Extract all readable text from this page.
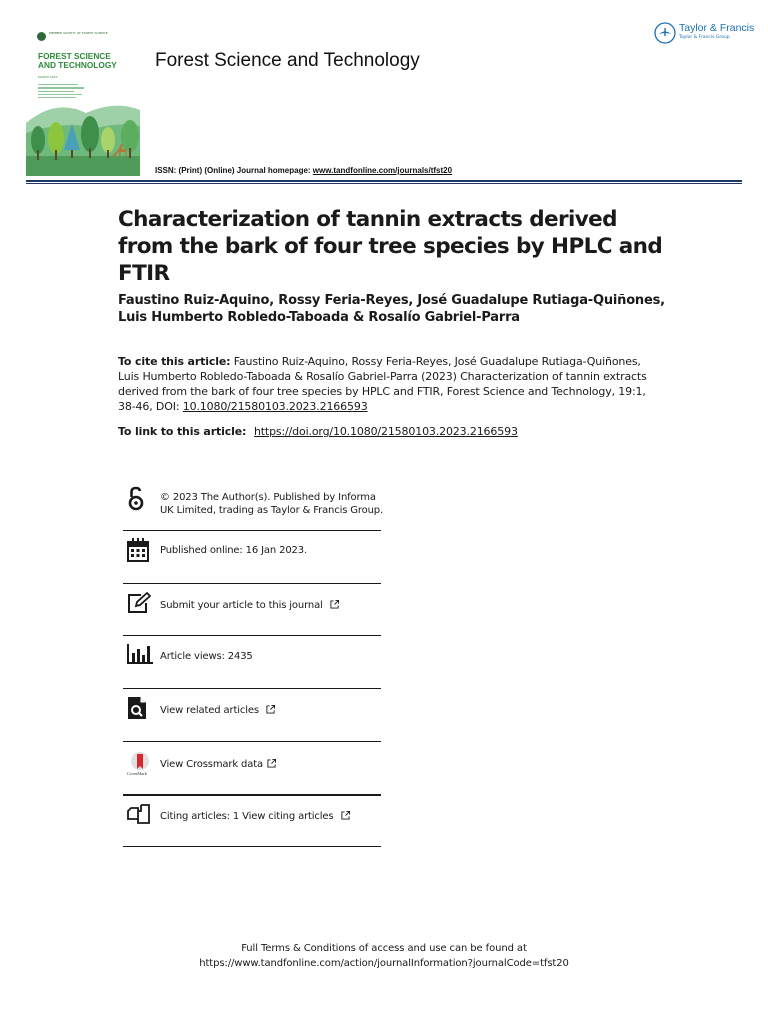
MEMBER SOCIETY OF FOREST SCIENCE
FOREST SCIENCE
AND TECHNOLOGY
MARCH 2023
Forest Science and Technology
Taylor & Francis
Taylor & Francis Group
ISSN: (Print) (Online) Journal homepage: www.tandfonline.com/journals/tfst20
Characterization of tannin extracts derived from the bark of four tree species by HPLC and FTIR
Faustino Ruiz-Aquino, Rossy Feria-Reyes, José Guadalupe Rutiaga-Quiñones, Luis Humberto Robledo-Taboada & Rosalío Gabriel-Parra
To cite this article: Faustino Ruiz-Aquino, Rossy Feria-Reyes, José Guadalupe Rutiaga-Quiñones, Luis Humberto Robledo-Taboada & Rosalío Gabriel-Parra (2023) Characterization of tannin extracts derived from the bark of four tree species by HPLC and FTIR, Forest Science and Technology, 19:1, 38-46, DOI: 10.1080/21580103.2023.2166593
To link to this article: https://doi.org/10.1080/21580103.2023.2166593
© 2023 The Author(s). Published by Informa UK Limited, trading as Taylor & Francis Group.
Published online: 16 Jan 2023.
Submit your article to this journal
Article views: 2435
View related articles
CrossMark
View Crossmark data
Citing articles: 1 View citing articles
Full Terms & Conditions of access and use can be found at
https://www.tandfonline.com/action/journalInformation?journalCode=tfst20
